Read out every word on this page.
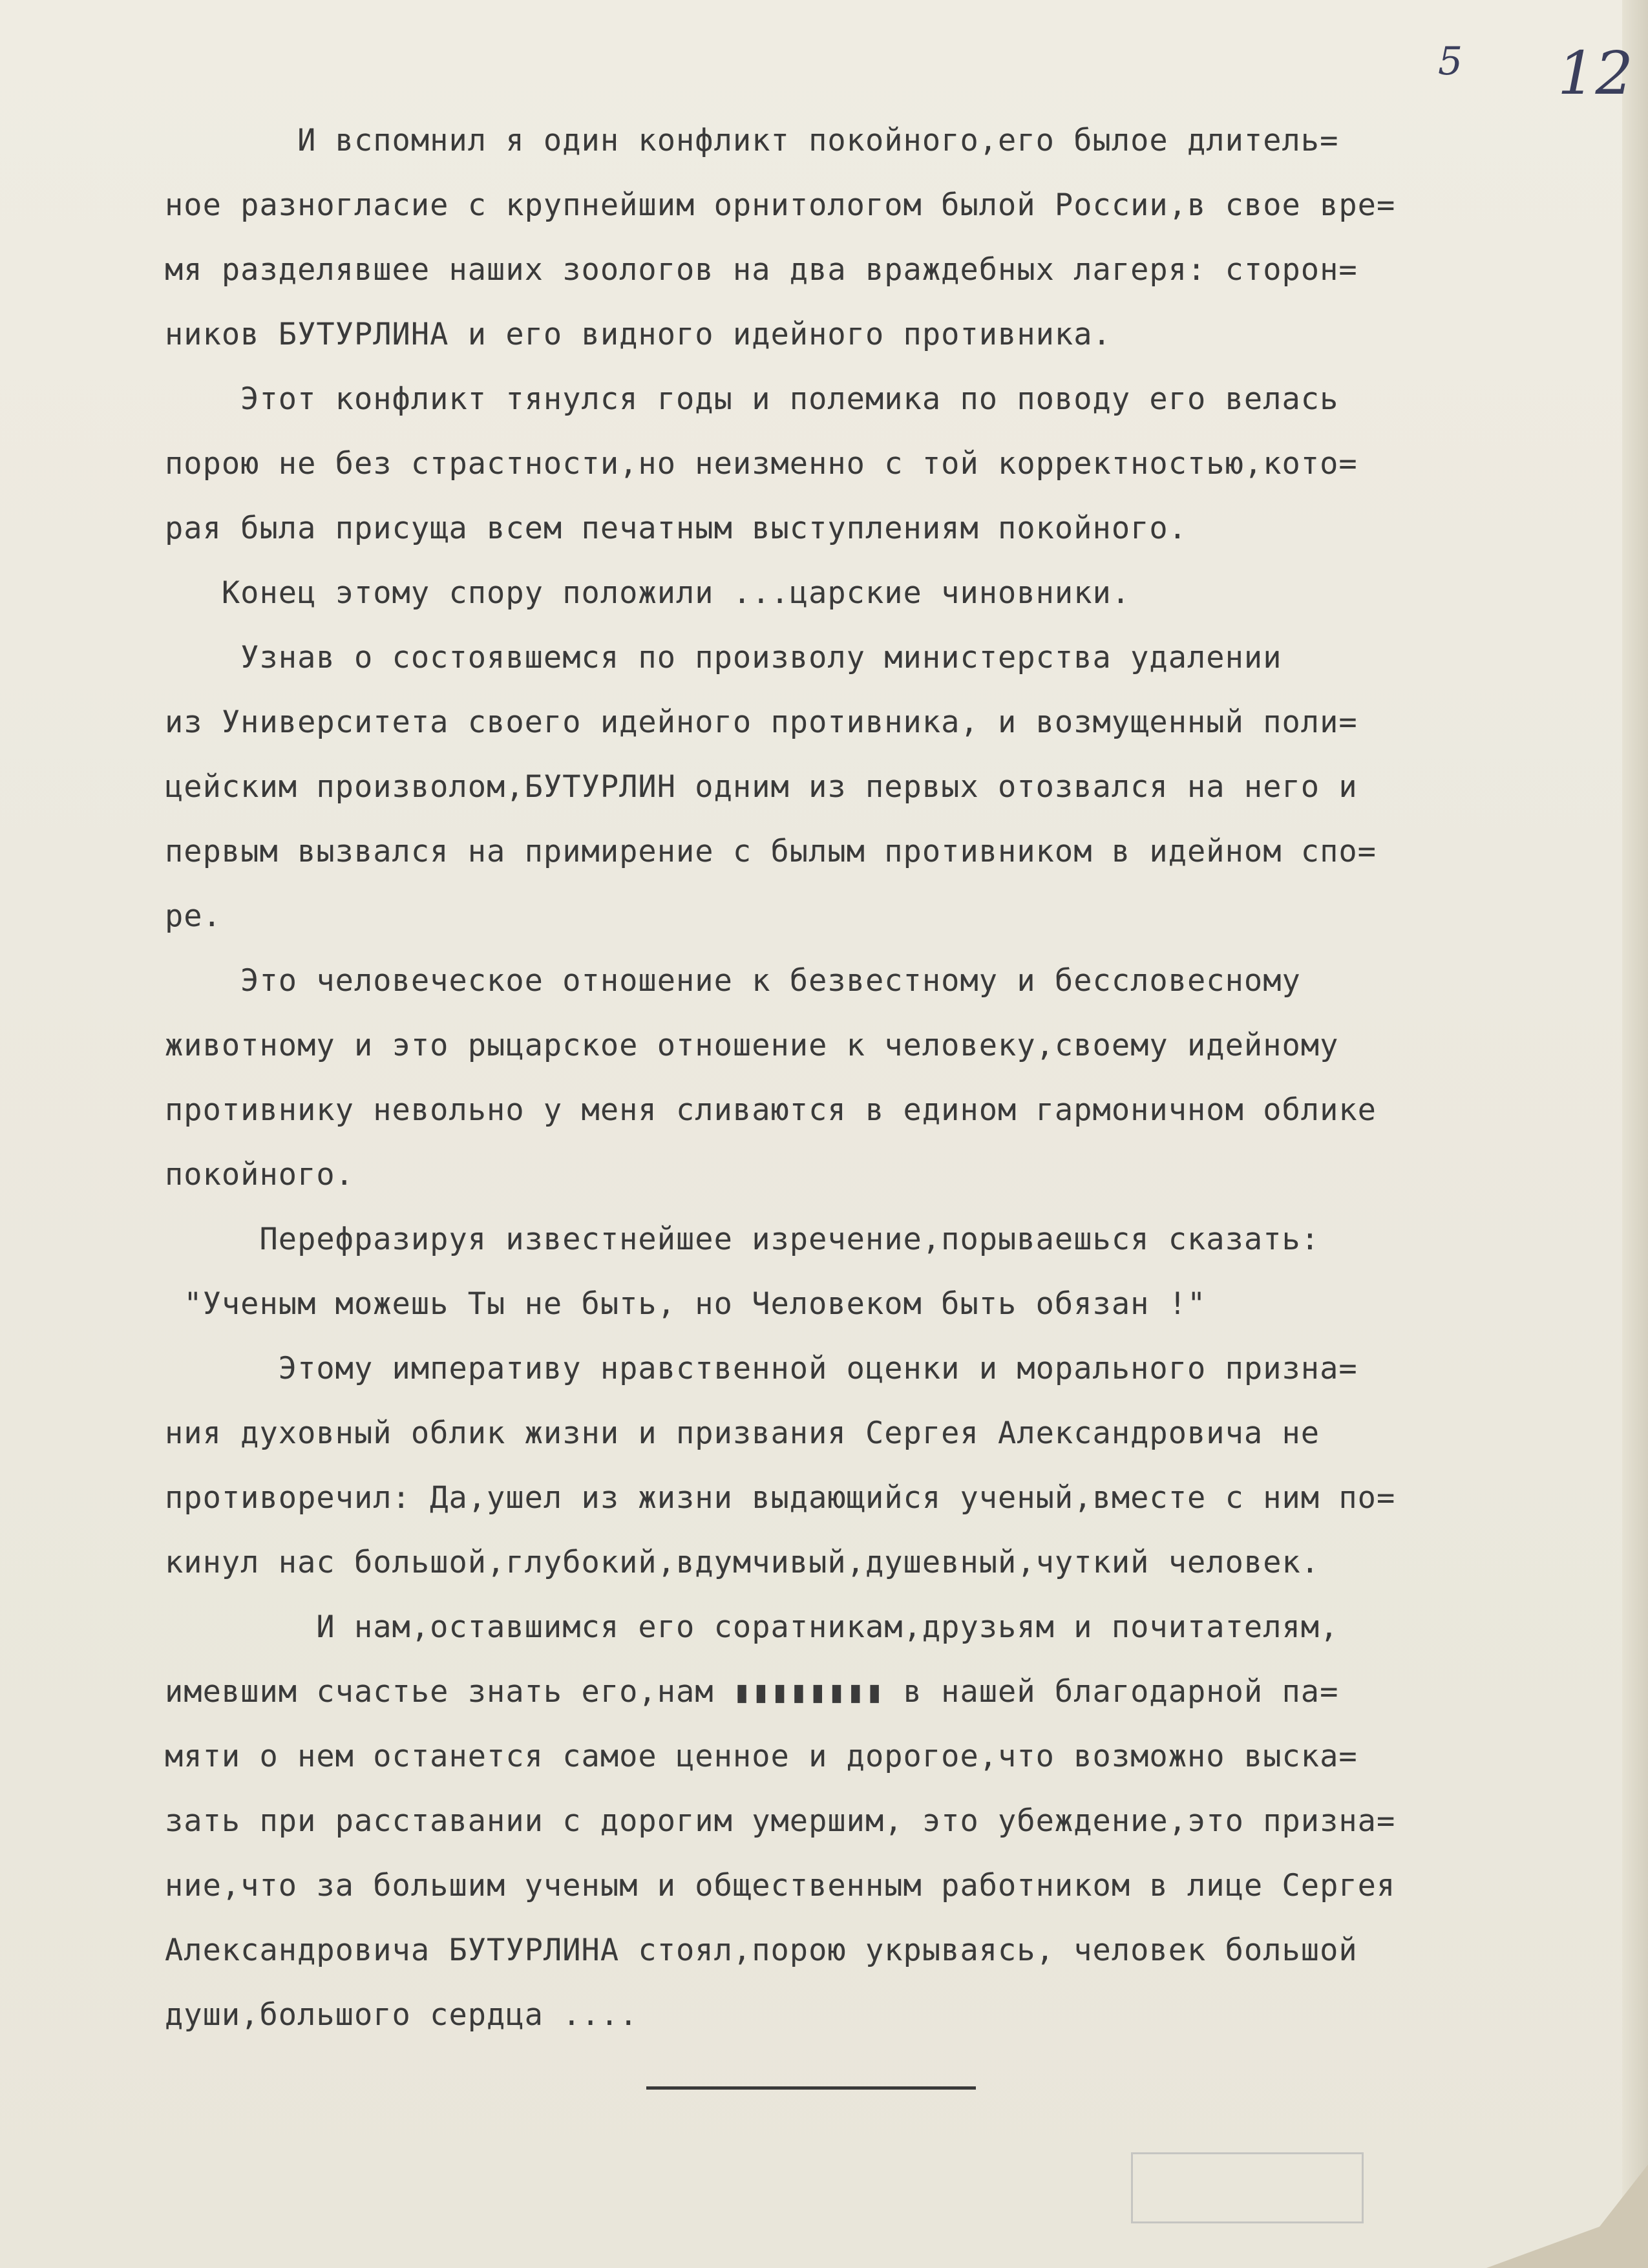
5 12
И вспомнил я один конфликт покойного,его былое длитель=
ное разногласие с крупнейшим орнитологом былой России,в свое вре=
мя разделявшее наших зоологов на два враждебных лагеря: сторон=
ников БУТУРЛИНА и его видного идейного противника.
Этот конфликт тянулся годы и полемика по поводу его велась
порою не без страстности,но неизменно с той корректностью,кото=
рая была присуща всем печатным выступлениям покойного.
Конец этому спору положили ...царские чиновники.
Узнав о состоявшемся по произволу министерства удалении
из Университета своего идейного противника, и возмущенный поли=
цейским произволом,БУТУРЛИН одним из первых отозвался на него и
первым вызвался на примирение с былым противником в идейном спо=
ре.
Это человеческое отношение к безвестному и бессловесному
животному и это рыцарское отношение к человеку,своему идейному
противнику невольно у меня сливаются в едином гармоничном облике
покойного.
Перефразируя известнейшее изречение,порываешься сказать:
"Ученым можешь Ты не быть, но Человеком быть обязан !"
Этому императиву нравственной оценки и морального призна=
ния духовный облик жизни и призвания Сергея Александровича не
противоречил: Да,ушел из жизни выдающийся ученый,вместе с ним по=
кинул нас большой,глубокий,вдумчивый,душевный,чуткий человек.
И нам,оставшимся его соратникам,друзьям и почитателям,
имевшим счастье знать его,нам ▮▮▮▮▮▮▮▮ в нашей благодарной па=
мяти о нем останется самое ценное и дорогое,что возможно выска=
зать при расставании с дорогим умершим, это убеждение,это призна=
ние,что за большим ученым и общественным работником в лице Сергея
Александровича БУТУРЛИНА стоял,порою укрываясь, человек большой
души,большого сердца ....
